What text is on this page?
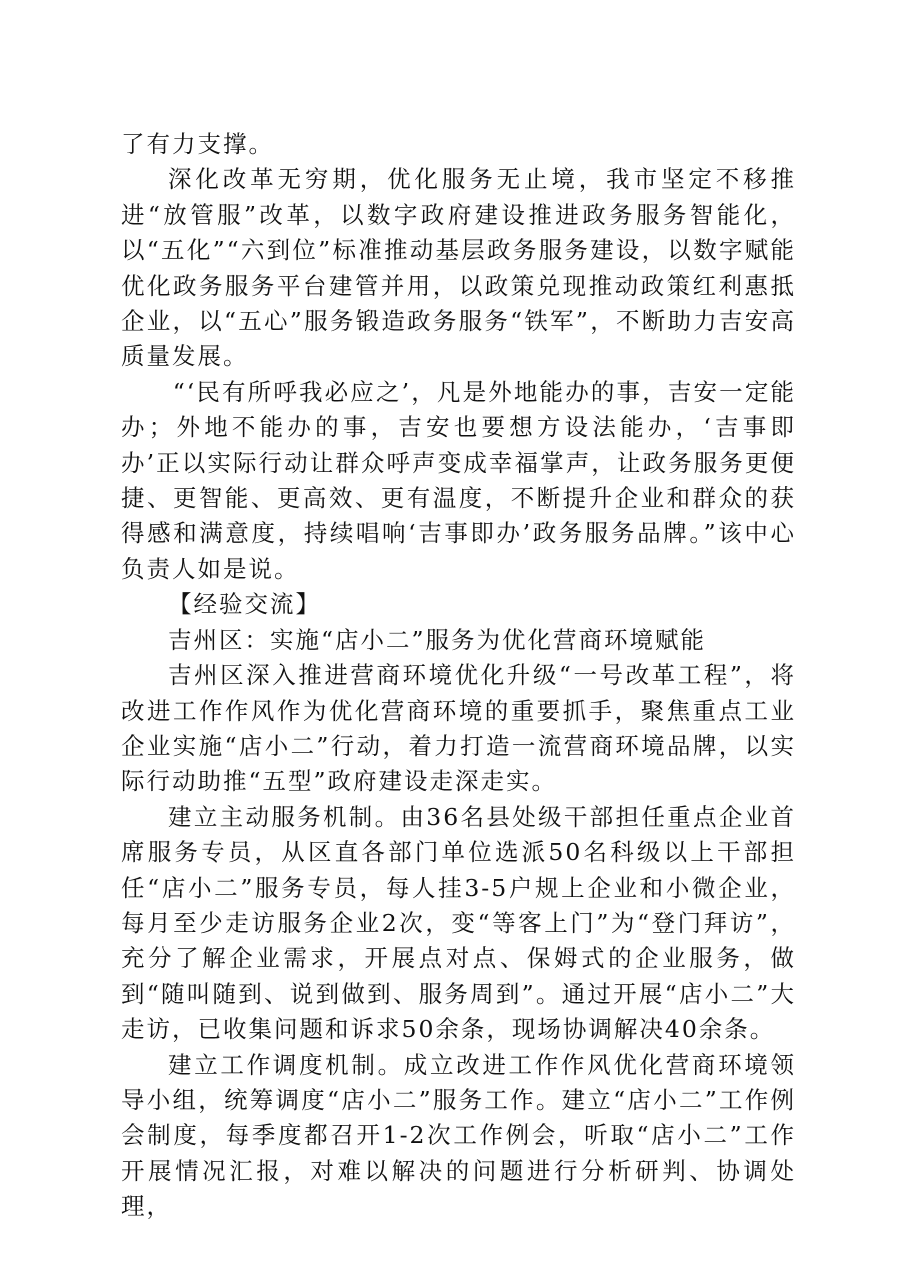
了有力支撑。

深化改革无穷期，优化服务无止境，我市坚定不移推进“放管服”改革，以数字政府建设推进政务服务智能化，以“五化”“六到位”标准推动基层政务服务建设，以数字赋能优化政务服务平台建管并用，以政策兑现推动政策红利惠抵企业，以“五心”服务锻造政务服务“铁军”，不断助力吉安高质量发展。

“‘民有所呼我必应之’，凡是外地能办的事，吉安一定能办；外地不能办的事，吉安也要想方设法能办，‘吉事即办’正以实际行动让群众呼声变成幸福掌声，让政务服务更便捷、更智能、更高效、更有温度，不断提升企业和群众的获得感和满意度，持续唱响‘吉事即办’政务服务品牌。”该中心负责人如是说。

【经验交流】

吉州区：实施“店小二”服务为优化营商环境赋能

吉州区深入推进营商环境优化升级“一号改革工程”，将改进工作作风作为优化营商环境的重要抓手，聚焦重点工业企业实施“店小二”行动，着力打造一流营商环境品牌，以实际行动助推“五型”政府建设走深走实。

建立主动服务机制。由36名县处级干部担任重点企业首席服务专员，从区直各部门单位选派50名科级以上干部担任“店小二”服务专员，每人挂3-5户规上企业和小微企业，每月至少走访服务企业2次，变“等客上门”为“登门拜访”，充分了解企业需求，开展点对点、保姆式的企业服务，做到“随叫随到、说到做到、服务周到”。通过开展“店小二”大走访，已收集问题和诉求50余条，现场协调解决40余条。

建立工作调度机制。成立改进工作作风优化营商环境领导小组，统筹调度“店小二”服务工作。建立“店小二”工作例会制度，每季度都召开1-2次工作例会，听取“店小二”工作开展情况汇报，对难以解决的问题进行分析研判、协调处理，
